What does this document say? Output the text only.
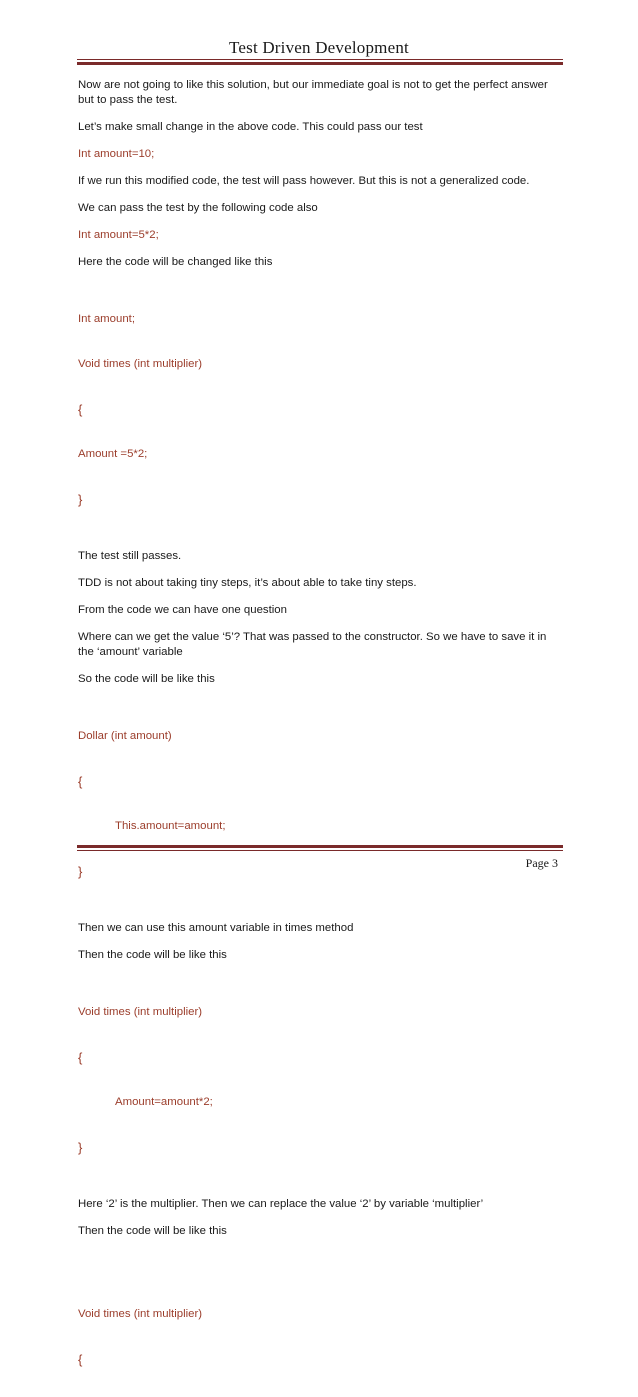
Test Driven Development

Now are not going to like this solution, but our immediate goal is not to get the perfect answer but to pass the test.

Let’s make small change in the above code. This could pass our test

Int amount=10;

If we run this modified code, the test will pass however. But this is not a generalized code.

We can pass the test by the following code also

Int amount=5*2;

Here the code will be changed like this

Int amount;

Void times (int multiplier)

{

Amount =5*2;

}

The test still passes.

TDD is not about taking tiny steps, it’s about able to take tiny steps.

From the code we can have one question

Where can we get the value ‘5’? That was passed to the constructor. So we have to save it in the ‘amount’ variable

So the code will be like this

Dollar (int amount)

{

This.amount=amount;

}

Then we can use this amount variable in times method

Then the code will be like this

Void times (int multiplier)

{

Amount=amount*2;

}

Here ‘2’ is the multiplier. Then we can replace the value ‘2’ by variable ‘multiplier’

Then the code will be like this

Void times (int multiplier)

{

Page 3
